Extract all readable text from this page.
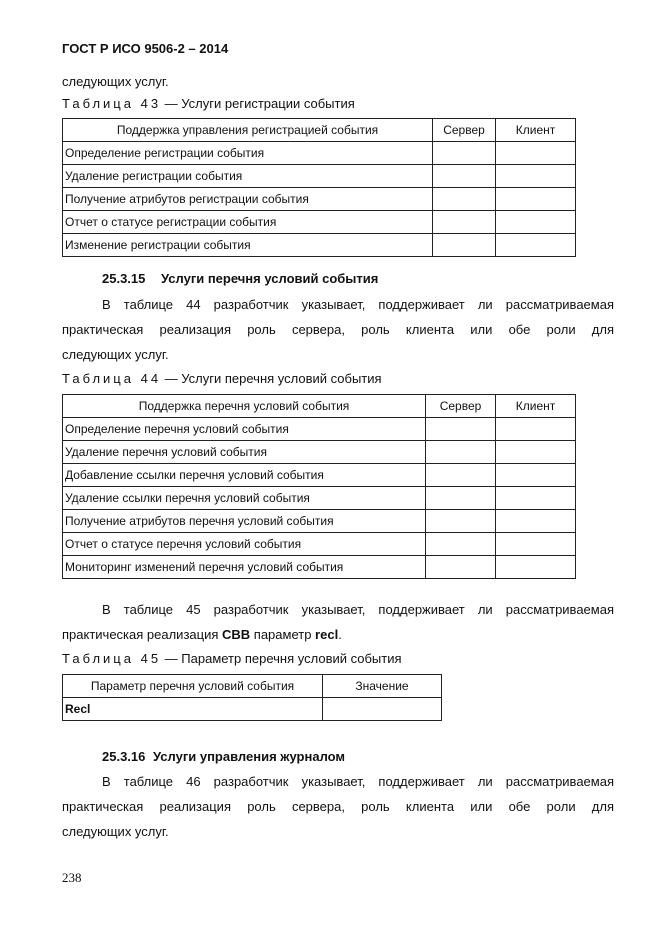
ГОСТ Р ИСО 9506-2 – 2014
следующих услуг.
Таблица 43 — Услуги регистрации события
Поддержка управления регистрацией события	Сервер	Клиент
Определение регистрации события		
Удаление регистрации события		
Получение атрибутов регистрации события		
Отчет о статусе регистрации события		
Изменение регистрации события		
25.3.15 Услуги перечня условий события
В таблице 44 разработчик указывает, поддерживает ли рассматриваемая
практическая реализация роль сервера, роль клиента или обе роли для
следующих услуг.
Таблица 44 — Услуги перечня условий события
Поддержка перечня условий события	Сервер	Клиент
Определение перечня условий события		
Удаление перечня условий события		
Добавление ссылки перечня условий события		
Удаление ссылки перечня условий события		
Получение атрибутов перечня условий события		
Отчет о статусе перечня условий события		
Мониторинг изменений перечня условий события		
В таблице 45 разработчик указывает, поддерживает ли рассматриваемая
практическая реализация СВВ параметр recl.
Таблица 45 — Параметр перечня условий события
Параметр перечня условий события	Значение
Recl	
25.3.16 Услуги управления журналом
В таблице 46 разработчик указывает, поддерживает ли рассматриваемая
практическая реализация роль сервера, роль клиента или обе роли для
следующих услуг.
238
